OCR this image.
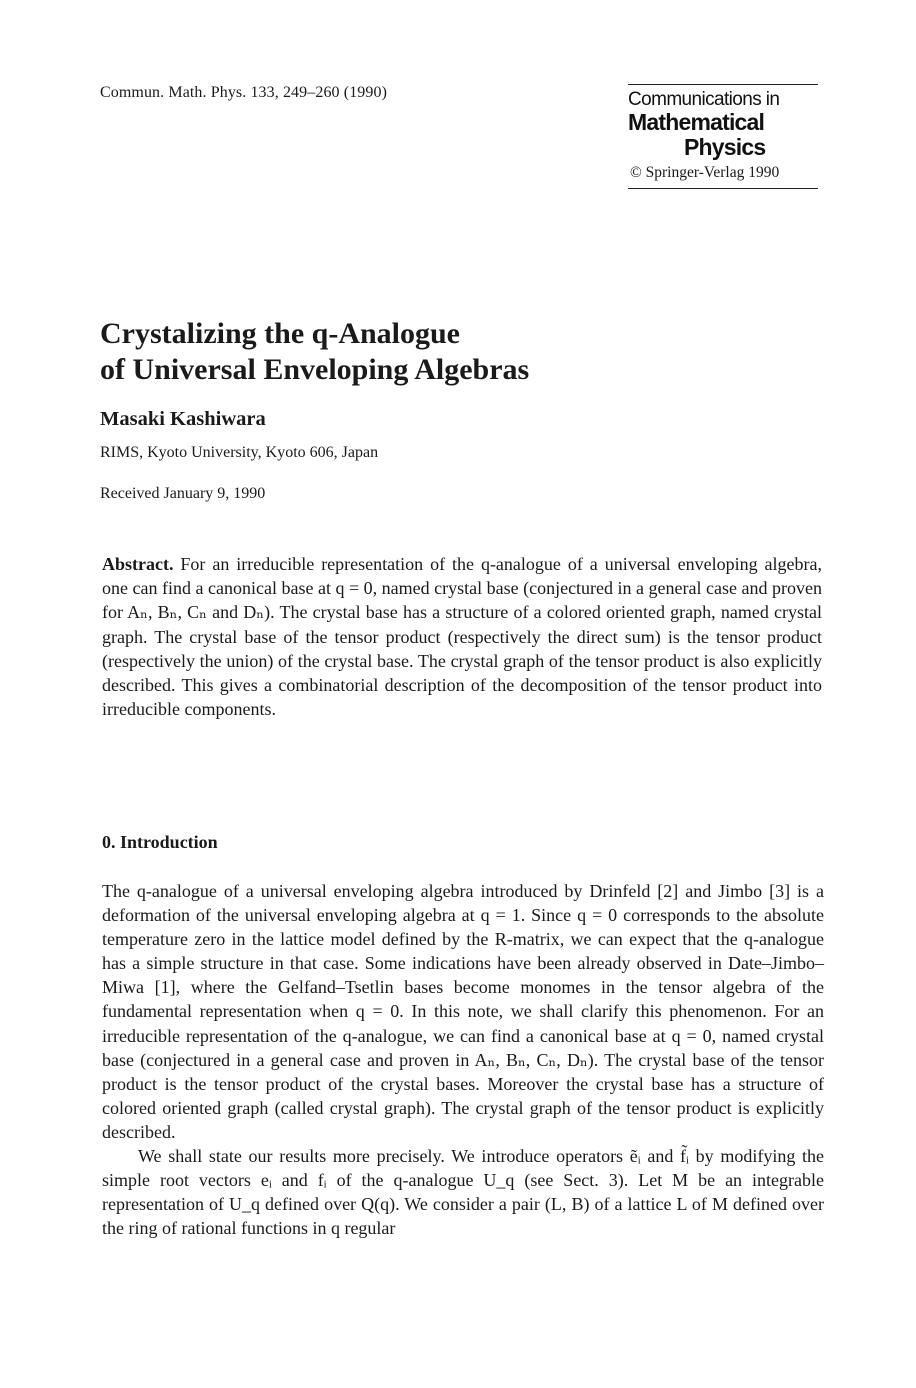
Commun. Math. Phys. 133, 249–260 (1990)	Communications in
Mathematical
Physics
© Springer-Verlag 1990
Crystalizing the q-Analogue
of Universal Enveloping Algebras
Masaki Kashiwara
RIMS, Kyoto University, Kyoto 606, Japan
Received January 9, 1990

Abstract. For an irreducible representation of the q-analogue of a universal enveloping algebra, one can find a canonical base at q = 0, named crystal base (conjectured in a general case and proven for Aₙ, Bₙ, Cₙ and Dₙ). The crystal base has a structure of a colored oriented graph, named crystal graph. The crystal base of the tensor product (respectively the direct sum) is the tensor product (respectively the union) of the crystal base. The crystal graph of the tensor product is also explicitly described. This gives a combinatorial description of the decomposition of the tensor product into irreducible components.

0. Introduction

The q-analogue of a universal enveloping algebra introduced by Drinfeld [2] and Jimbo [3] is a deformation of the universal enveloping algebra at q = 1. Since q = 0 corresponds to the absolute temperature zero in the lattice model defined by the R-matrix, we can expect that the q-analogue has a simple structure in that case. Some indications have been already observed in Date–Jimbo–Miwa [1], where the Gelfand–Tsetlin bases become monomes in the tensor algebra of the fundamental representation when q = 0. In this note, we shall clarify this phenomenon. For an irreducible representation of the q-analogue, we can find a canonical base at q = 0, named crystal base (conjectured in a general case and proven in Aₙ, Bₙ, Cₙ, Dₙ). The crystal base of the tensor product is the tensor product of the crystal bases. Moreover the crystal base has a structure of colored oriented graph (called crystal graph). The crystal graph of the tensor product is explicitly described.

We shall state our results more precisely. We introduce operators ẽᵢ and f̃ᵢ by modifying the simple root vectors eᵢ and fᵢ of the q-analogue U_q (see Sect. 3). Let M be an integrable representation of U_q defined over Q(q). We consider a pair (L, B) of a lattice L of M defined over the ring of rational functions in q regular
